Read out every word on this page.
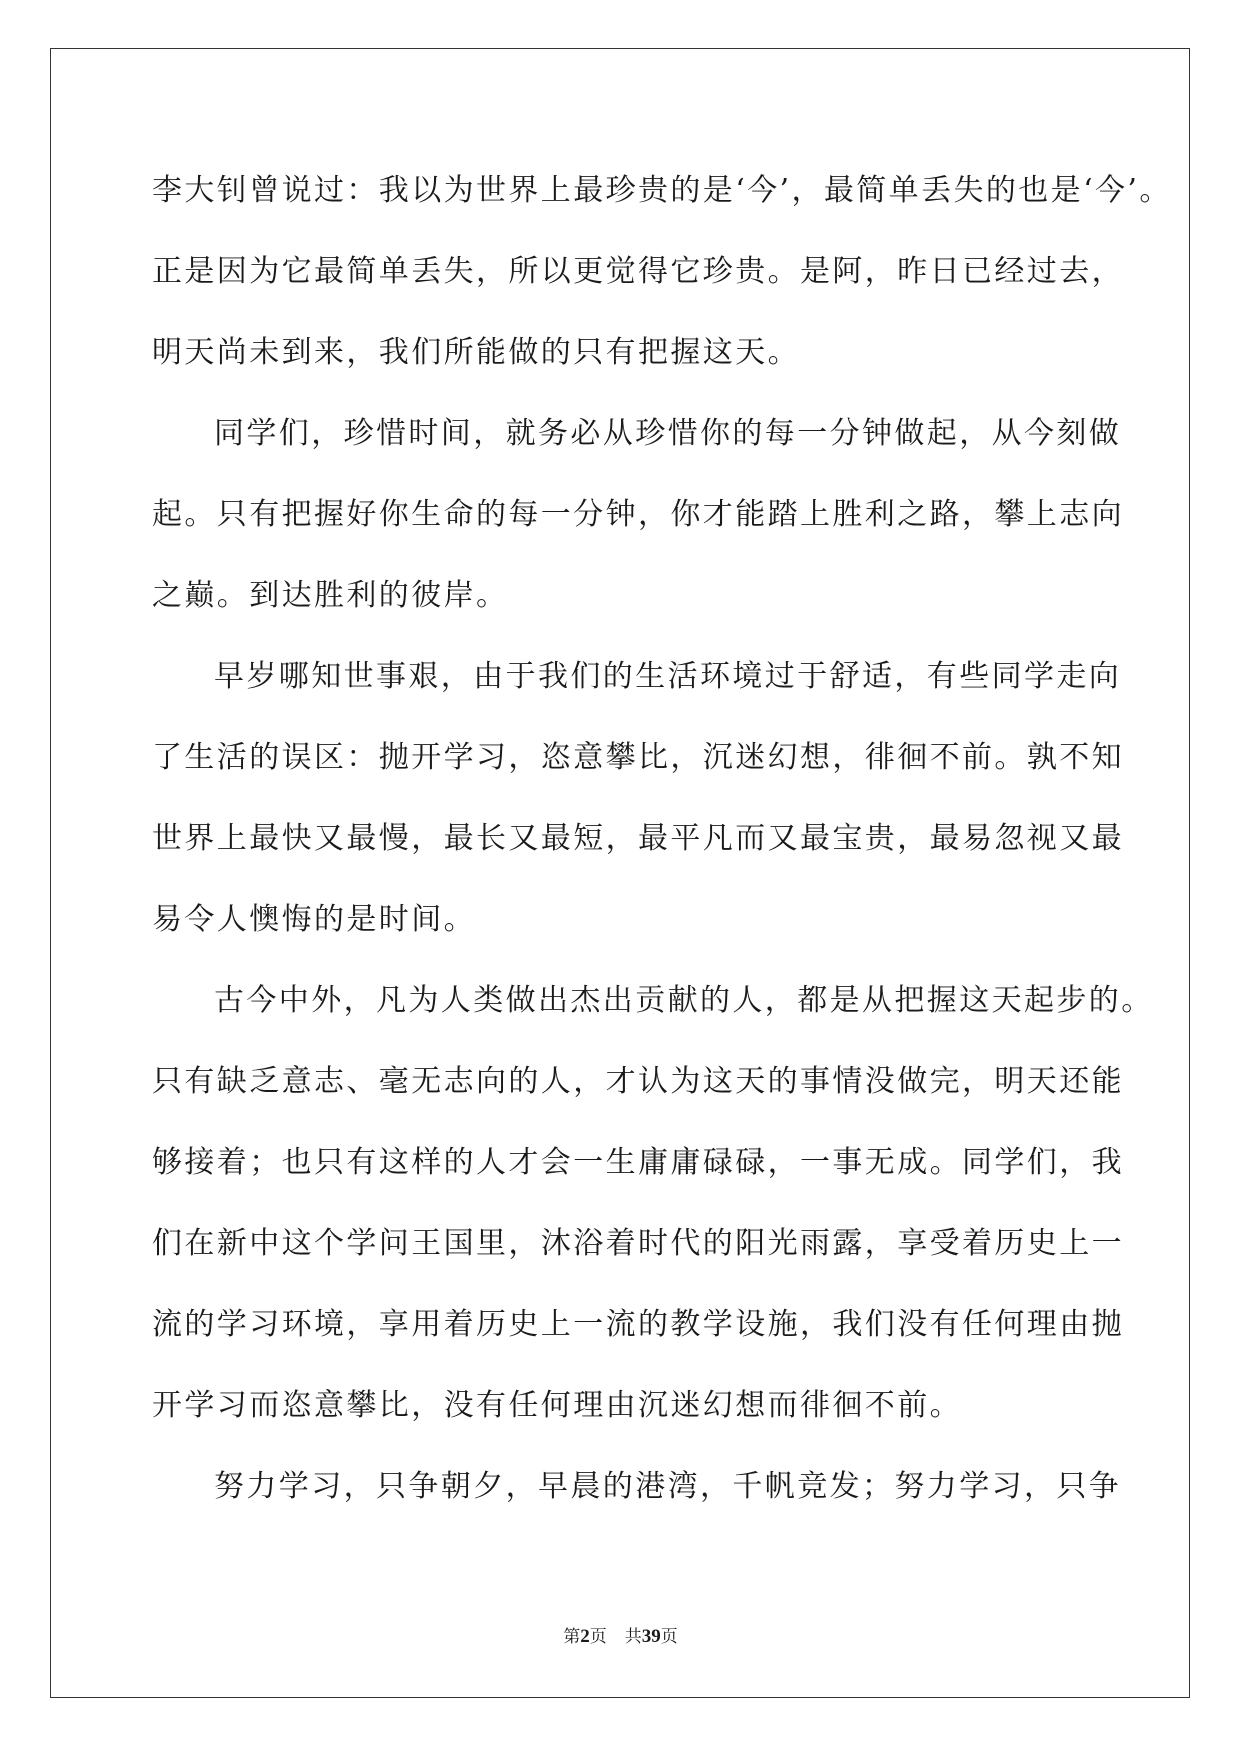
李大钊曾说过：我以为世界上最珍贵的是‘今’，最简单丢失的也是‘今’。
正是因为它最简单丢失，所以更觉得它珍贵。是阿，昨日已经过去，
明天尚未到来，我们所能做的只有把握这天。
同学们，珍惜时间，就务必从珍惜你的每一分钟做起，从今刻做
起。只有把握好你生命的每一分钟，你才能踏上胜利之路，攀上志向
之巅。到达胜利的彼岸。
早岁哪知世事艰，由于我们的生活环境过于舒适，有些同学走向
了生活的误区：抛开学习，恣意攀比，沉迷幻想，徘徊不前。孰不知
世界上最快又最慢，最长又最短，最平凡而又最宝贵，最易忽视又最
易令人懊悔的是时间。
古今中外，凡为人类做出杰出贡献的人，都是从把握这天起步的。
只有缺乏意志、毫无志向的人，才认为这天的事情没做完，明天还能
够接着；也只有这样的人才会一生庸庸碌碌，一事无成。同学们，我
们在新中这个学问王国里，沐浴着时代的阳光雨露，享受着历史上一
流的学习环境，享用着历史上一流的教学设施，我们没有任何理由抛
开学习而恣意攀比，没有任何理由沉迷幻想而徘徊不前。
努力学习，只争朝夕，早晨的港湾，千帆竞发；努力学习，只争
第2页 共39页
